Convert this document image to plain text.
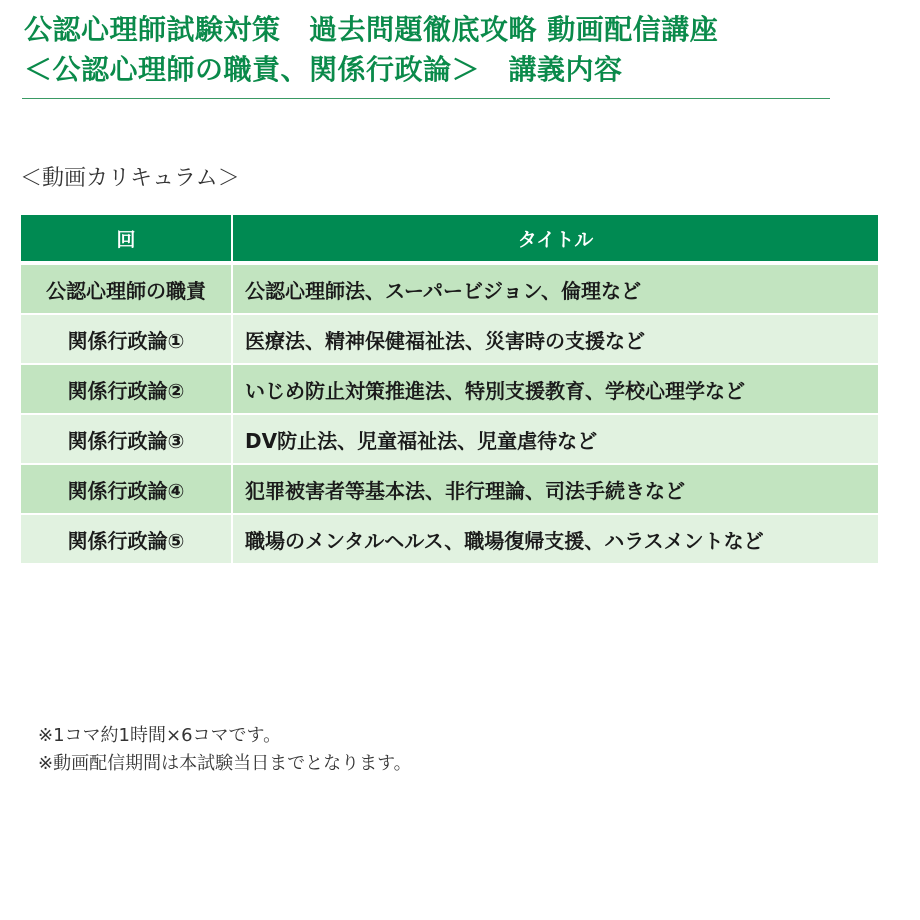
公認心理師試験対策　過去問題徹底攻略 動画配信講座
＜公認心理師の職責、関係行政論＞　講義内容
＜動画カリキュラム＞
回	タイトル
公認心理師の職責	公認心理師法、スーパービジョン、倫理など
関係行政論①	医療法、精神保健福祉法、災害時の支援など
関係行政論②	いじめ防止対策推進法、特別支援教育、学校心理学など
関係行政論③	DV防止法、児童福祉法、児童虐待など
関係行政論④	犯罪被害者等基本法、非行理論、司法手続きなど
関係行政論⑤	職場のメンタルヘルス、職場復帰支援、ハラスメントなど
※1コマ約1時間×6コマです。
※動画配信期間は本試験当日までとなります。
